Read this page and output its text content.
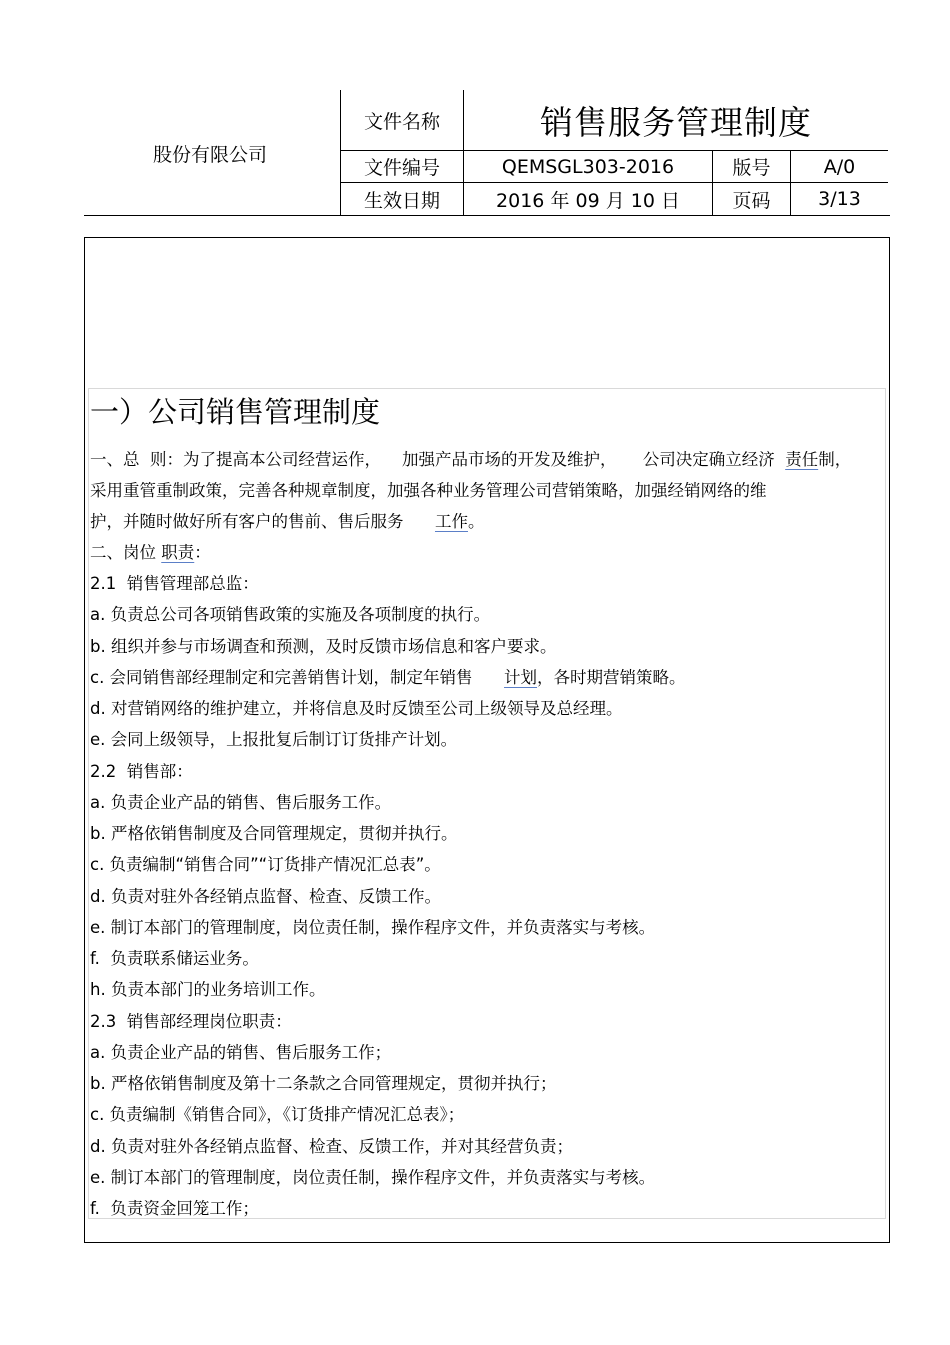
股份有限公司
文件名称	销售服务管理制度
文件编号	QEMSGL303-2016	版号	A/0
生效日期	2016 年 09 月 10 日	页码	3/13
一）公司销售管理制度
一、总  则：为了提高本公司经营运作，    加强产品市场的开发及维护，     公司决定确立经济  责任制，
采用重管重制政策，完善各种规章制度，加强各种业务管理公司营销策略，加强经销网络的维
护，并随时做好所有客户的售前、售后服务      工作。
二、岗位 职责：
2.1  销售管理部总监：
a. 负责总公司各项销售政策的实施及各项制度的执行。
b. 组织并参与市场调查和预测，及时反馈市场信息和客户要求。
c. 会同销售部经理制定和完善销售计划，制定年销售      计划，各时期营销策略。
d. 对营销网络的维护建立，并将信息及时反馈至公司上级领导及总经理。
e. 会同上级领导，上报批复后制订订货排产计划。
2.2  销售部：
a. 负责企业产品的销售、售后服务工作。
b. 严格依销售制度及合同管理规定，贯彻并执行。
c. 负责编制“销售合同”“订货排产情况汇总表”。
d. 负责对驻外各经销点监督、检查、反馈工作。
e. 制订本部门的管理制度，岗位责任制，操作程序文件，并负责落实与考核。
f.  负责联系储运业务。
h. 负责本部门的业务培训工作。
2.3  销售部经理岗位职责：
a. 负责企业产品的销售、售后服务工作；
b. 严格依销售制度及第十二条款之合同管理规定，贯彻并执行；
c. 负责编制《销售合同》，《订货排产情况汇总表》；
d. 负责对驻外各经销点监督、检查、反馈工作，并对其经营负责；
e. 制订本部门的管理制度，岗位责任制，操作程序文件，并负责落实与考核。
f.  负责资金回笼工作；
